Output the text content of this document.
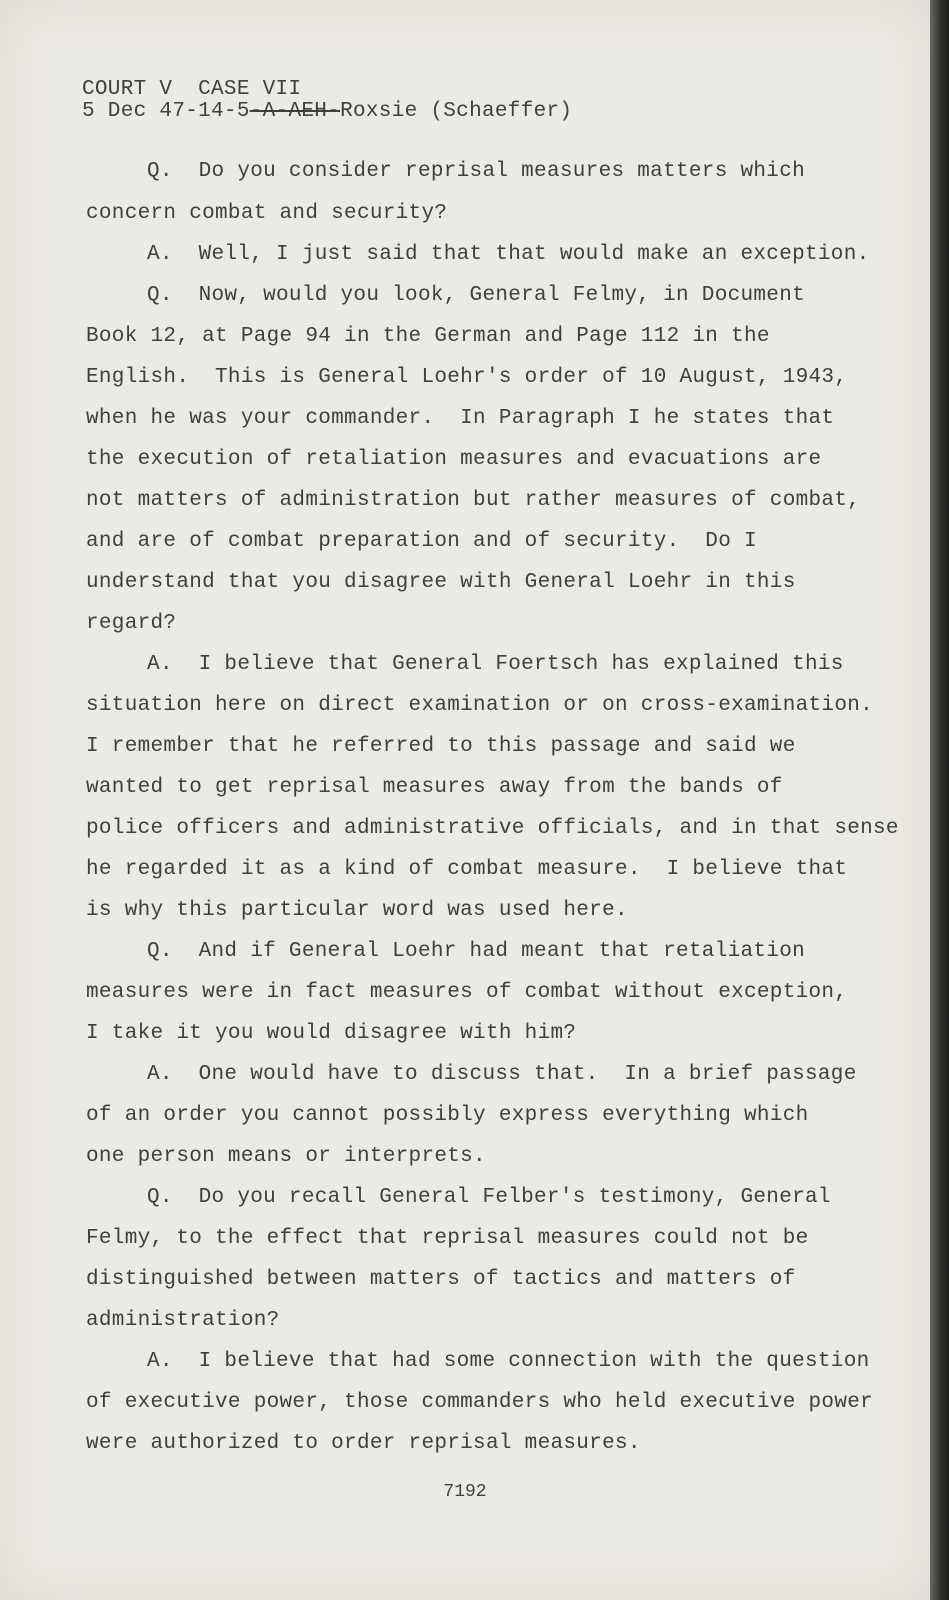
COURT V  CASE VII
5 Dec 47-14-5-A-AEH-Roxsie (Schaeffer)
Q.  Do you consider reprisal measures matters which
concern combat and security?
A.  Well, I just said that that would make an exception.
Q.  Now, would you look, General Felmy, in Document
Book 12, at Page 94 in the German and Page 112 in the
English.  This is General Loehr's order of 10 August, 1943,
when he was your commander.  In Paragraph I he states that
the execution of retaliation measures and evacuations are
not matters of administration but rather measures of combat,
and are of combat preparation and of security.  Do I
understand that you disagree with General Loehr in this
regard?
A.  I believe that General Foertsch has explained this
situation here on direct examination or on cross-examination.
I remember that he referred to this passage and said we
wanted to get reprisal measures away from the bands of
police officers and administrative officials, and in that sense
he regarded it as a kind of combat measure.  I believe that
is why this particular word was used here.
Q.  And if General Loehr had meant that retaliation
measures were in fact measures of combat without exception,
I take it you would disagree with him?
A.  One would have to discuss that.  In a brief passage
of an order you cannot possibly express everything which
one person means or interprets.
Q.  Do you recall General Felber's testimony, General
Felmy, to the effect that reprisal measures could not be
distinguished between matters of tactics and matters of
administration?
A.  I believe that had some connection with the question
of executive power, those commanders who held executive power
were authorized to order reprisal measures.
7192
